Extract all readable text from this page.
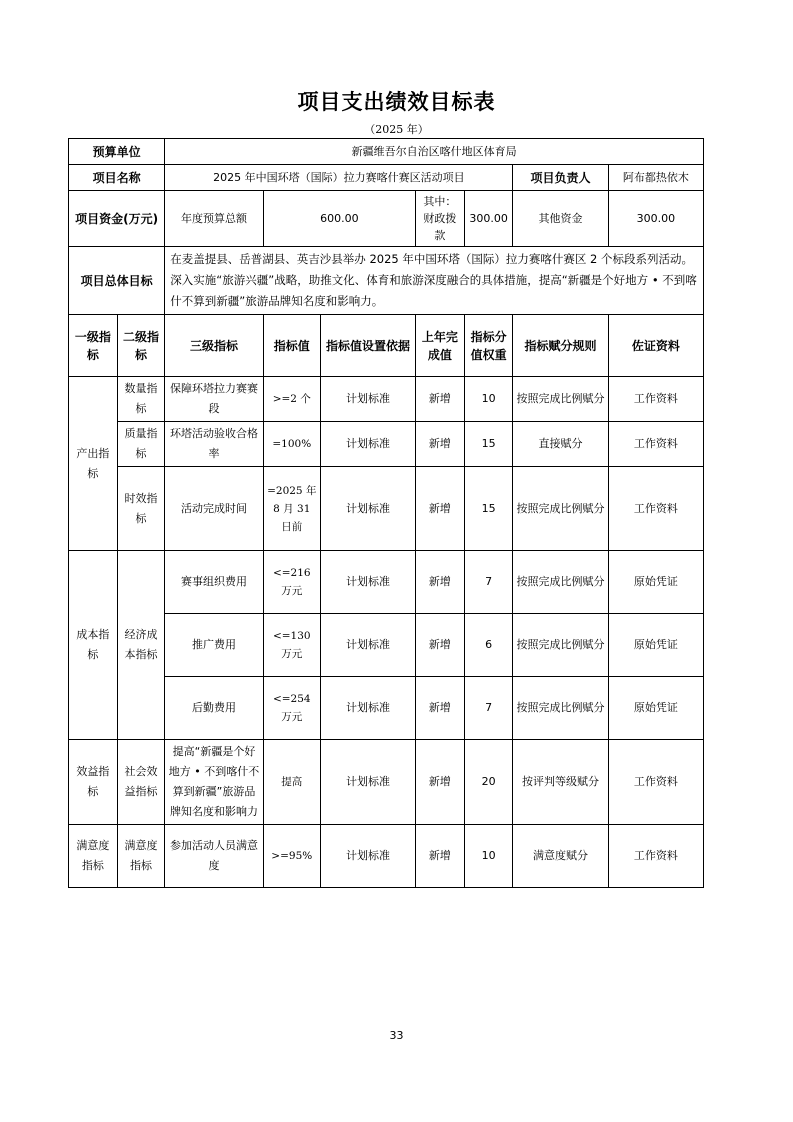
项目支出绩效目标表
（2025 年）
预算单位		新疆维吾尔自治区喀什地区体育局						
项目名称		2025 年中国环塔（国际）拉力赛喀什赛区活动项目					项目负责人	阿布都热依木
项目资金(万元)		年度预算总额	600.00		其中：财政拨款	300.00	其他资金	300.00
项目总体目标		在麦盖提县、岳普湖县、英吉沙县举办 2025 年中国环塔（国际）拉力赛喀什赛区 2 个标段系列活动。深入实施“旅游兴疆”战略，助推文化、体育和旅游深度融合的具体措施，提高“新疆是个好地方 • 不到喀什不算到新疆”旅游品牌知名度和影响力。						
一级指标	二级指标	三级指标	指标值	指标值设置依据	上年完成值	指标分值权重	指标赋分规则	佐证资料
产出指标	数量指标	保障环塔拉力赛赛段	>=2 个	计划标准	新增	10	按照完成比例赋分	工作资料
	质量指标	环塔活动验收合格率	=100%	计划标准	新增	15	直接赋分	工作资料
	时效指标	活动完成时间	=2025 年 8 月 31 日前	计划标准	新增	15	按照完成比例赋分	工作资料
成本指标	经济成本指标	赛事组织费用	<=216 万元	计划标准	新增	7	按照完成比例赋分	原始凭证
		推广费用	<=130 万元	计划标准	新增	6	按照完成比例赋分	原始凭证
		后勤费用	<=254 万元	计划标准	新增	7	按照完成比例赋分	原始凭证
效益指标	社会效益指标	提高“新疆是个好地方 • 不到喀什不算到新疆”旅游品牌知名度和影响力	提高	计划标准	新增	20	按评判等级赋分	工作资料
满意度指标	满意度指标	参加活动人员满意度	>=95%	计划标准	新增	10	满意度赋分	工作资料
33
